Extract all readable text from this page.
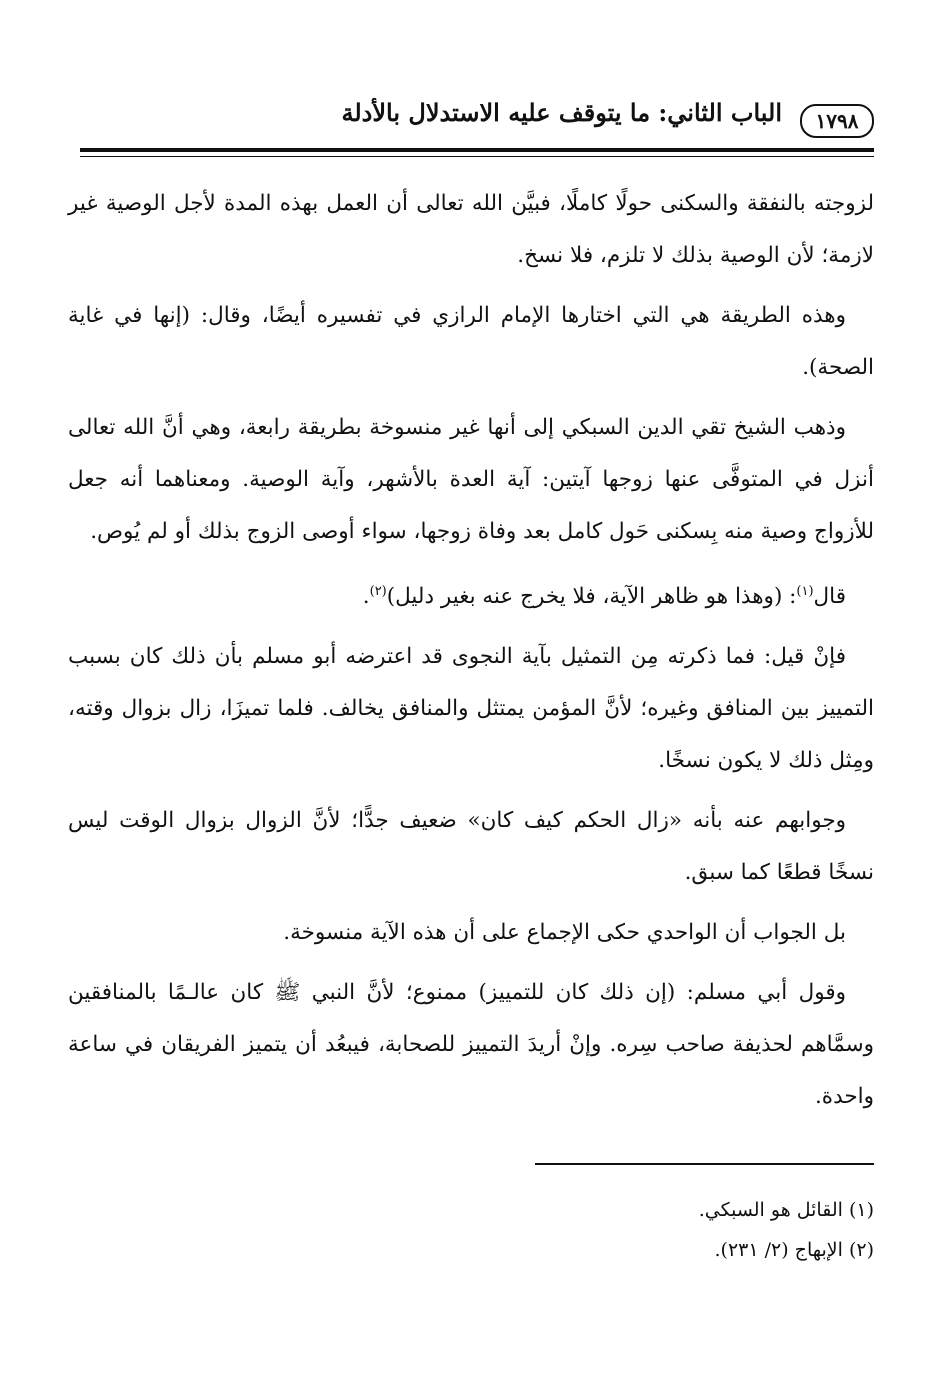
١٧٩٨
الباب الثاني: ما يتوقف عليه الاستدلال بالأدلة

لزوجته بالنفقة والسكنى حولًا كاملًا، فبيَّن الله تعالى أن العمل بهذه المدة لأجل الوصية غير لازمة؛ لأن الوصية بذلك لا تلزم، فلا نسخ.

وهذه الطريقة هي التي اختارها الإمام الرازي في تفسيره أيضًا، وقال: (إنها في غاية الصحة).

وذهب الشيخ تقي الدين السبكي إلى أنها غير منسوخة بطريقة رابعة، وهي أنَّ الله تعالى أنزل في المتوفَّى عنها زوجها آيتين: آية العدة بالأشهر، وآية الوصية. ومعناهما أنه جعل للأزواج وصية منه بِسكنى حَول كامل بعد وفاة زوجها، سواء أوصى الزوج بذلك أو لم يُوص.

قال$^{(١)}$: (وهذا هو ظاهر الآية، فلا يخرج عنه بغير دليل)$^{(٢)}$.

فإنْ قيل: فما ذكرته مِن التمثيل بآية النجوى قد اعترضه أبو مسلم بأن ذلك كان بسبب التمييز بين المنافق وغيره؛ لأنَّ المؤمن يمتثل والمنافق يخالف. فلما تميزَا، زال بزوال وقته، ومِثل ذلك لا يكون نسخًا.

وجوابهم عنه بأنه «زال الحكم كيف كان» ضعيف جدًّا؛ لأنَّ الزوال بزوال الوقت ليس نسخًا قطعًا كما سبق.

بل الجواب أن الواحدي حكى الإجماع على أن هذه الآية منسوخة.

وقول أبي مسلم: (إن ذلك كان للتمييز) ممنوع؛ لأنَّ النبي ﷺ كان عالـمًا بالمنافقين وسمَّاهم لحذيفة صاحب سِره. وإنْ أريدَ التمييز للصحابة، فيبعُد أن يتميز الفريقان في ساعة واحدة.

(١) القائل هو السبكي.

(٢) الإبهاج (٢/ ٢٣١).
